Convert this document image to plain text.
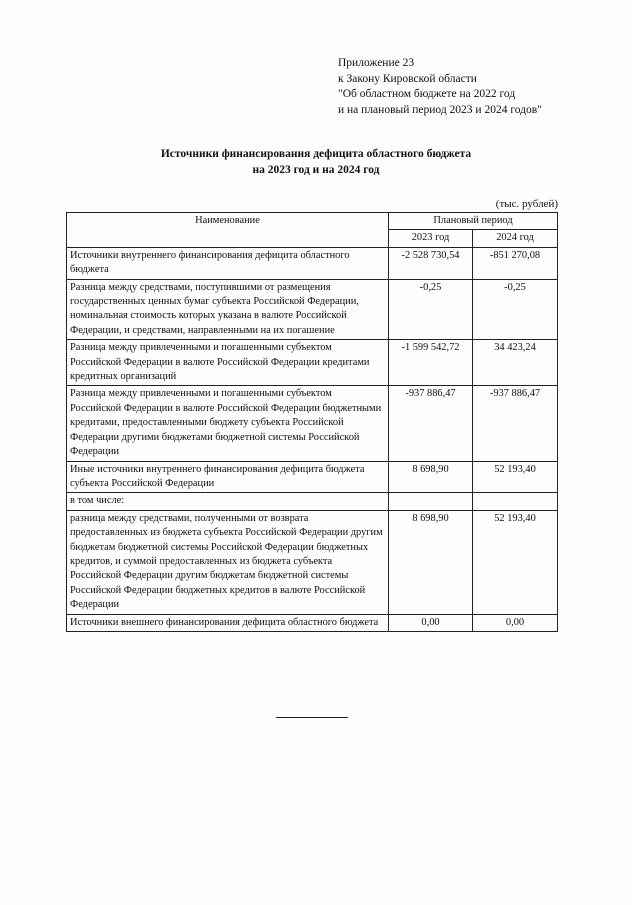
Приложение 23
к Закону Кировской области
"Об областном бюджете на 2022 год
и на плановый период 2023 и 2024 годов"
Источники финансирования дефицита областного бюджета
на 2023 год и на 2024 год
(тыс. рублей)
Наименование	Плановый период	
	2023 год	2024 год
Источники внутреннего финансирования дефицита областного бюджета	-2 528 730,54	-851 270,08
Разница между средствами, поступившими от размещения государственных ценных бумаг субъекта Российской Федерации, номинальная стоимость которых указана в валюте Российской Федерации, и средствами, направленными на их погашение	-0,25	-0,25
Разница между привлеченными и погашенными субъектом Российской Федерации в валюте Российской Федерации кредитами кредитных организаций	-1 599 542,72	34 423,24
Разница между привлеченными и погашенными субъектом Российской Федерации в валюте Российской Федерации бюджетными кредитами, предоставленными бюджету субъекта Российской Федерации другими бюджетами бюджетной системы Российской Федерации	-937 886,47	-937 886,47
Иные источники внутреннего финансирования дефицита бюджета субъекта Российской Федерации	8 698,90	52 193,40
в том числе:		
разница между средствами, полученными от возврата предоставленных из бюджета субъекта Российской Федерации другим бюджетам бюджетной системы Российской Федерации бюджетных кредитов, и суммой предоставленных из бюджета субъекта Российской Федерации другим бюджетам бюджетной системы Российской Федерации бюджетных кредитов в валюте Российской Федерации	8 698,90	52 193,40
Источники внешнего финансирования дефицита областного бюджета	0,00	0,00
